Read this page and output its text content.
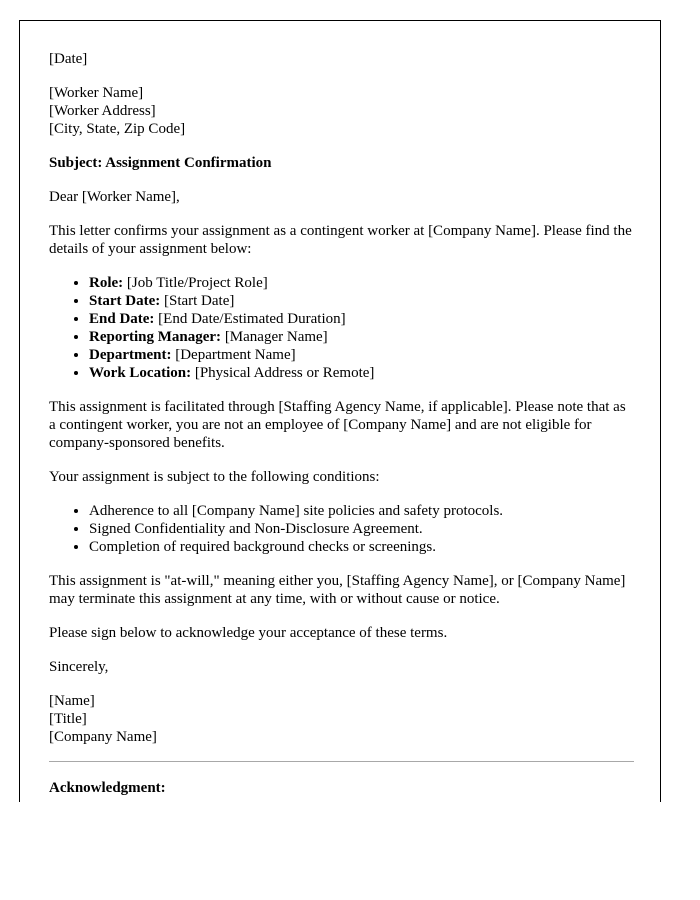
[Date]

[Worker Name]
[Worker Address]
[City, State, Zip Code]

Subject: Assignment Confirmation

Dear [Worker Name],

This letter confirms your assignment as a contingent worker at [Company Name]. Please find the details of your assignment below:

• Role: [Job Title/Project Role]
• Start Date: [Start Date]
• End Date: [End Date/Estimated Duration]
• Reporting Manager: [Manager Name]
• Department: [Department Name]
• Work Location: [Physical Address or Remote]

This assignment is facilitated through [Staffing Agency Name, if applicable]. Please note that as a contingent worker, you are not an employee of [Company Name] and are not eligible for company-sponsored benefits.

Your assignment is subject to the following conditions:

• Adherence to all [Company Name] site policies and safety protocols.
• Signed Confidentiality and Non-Disclosure Agreement.
• Completion of required background checks or screenings.

This assignment is "at-will," meaning either you, [Staffing Agency Name], or [Company Name] may terminate this assignment at any time, with or without cause or notice.

Please sign below to acknowledge your acceptance of these terms.

Sincerely,

[Name]
[Title]
[Company Name]

Acknowledgment:
